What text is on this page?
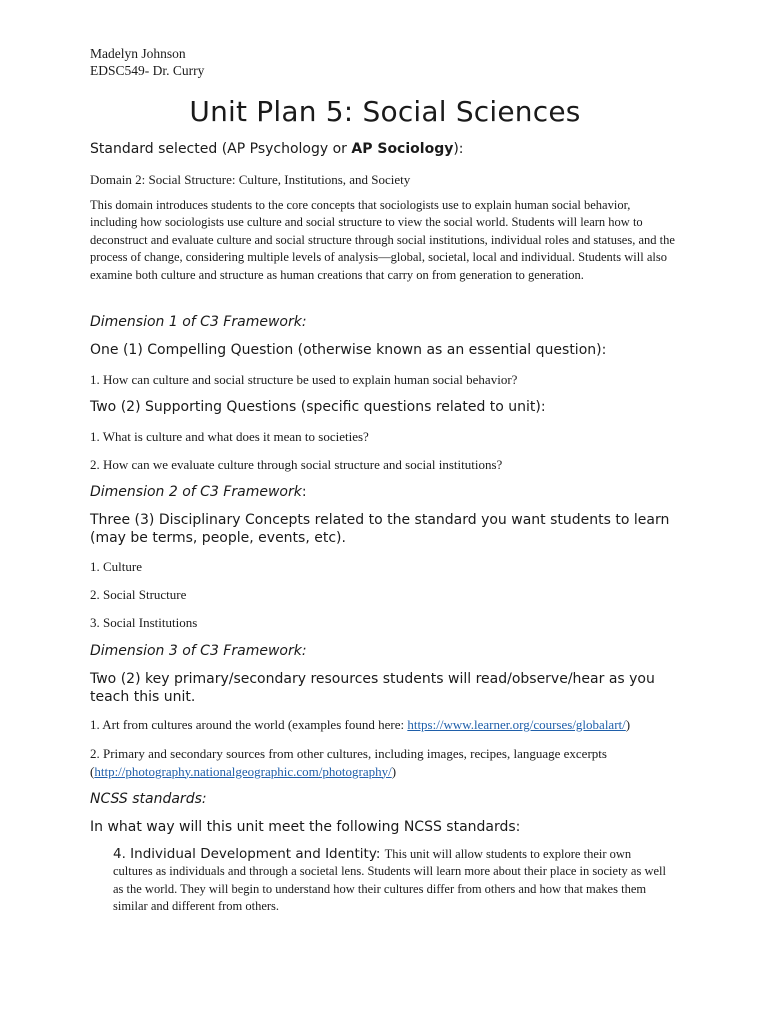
Madelyn Johnson

EDSC549- Dr. Curry

Unit Plan 5: Social Sciences

Standard selected (AP Psychology or AP Sociology):

Domain 2: Social Structure: Culture, Institutions, and Society

This domain introduces students to the core concepts that sociologists use to explain human social behavior, including how sociologists use culture and social structure to view the social world. Students will learn how to deconstruct and evaluate culture and social structure through social institutions, individual roles and statuses, and the process of change, considering multiple levels of analysis—global, societal, local and individual. Students will also examine both culture and structure as human creations that carry on from generation to generation.

Dimension 1 of C3 Framework:

One (1) Compelling Question (otherwise known as an essential question):

1. How can culture and social structure be used to explain human social behavior?

Two (2) Supporting Questions (specific questions related to unit):

1. What is culture and what does it mean to societies?

2. How can we evaluate culture through social structure and social institutions?

Dimension 2 of C3 Framework:

Three (3) Disciplinary Concepts related to the standard you want students to learn (may be terms, people, events, etc).

1. Culture

2. Social Structure

3. Social Institutions

Dimension 3 of C3 Framework:

Two (2) key primary/secondary resources students will read/observe/hear as you teach this unit.

1. Art from cultures around the world (examples found here: https://www.learner.org/courses/globalart/)

2. Primary and secondary sources from other cultures, including images, recipes, language excerpts (http://photography.nationalgeographic.com/photography/)

NCSS standards:

In what way will this unit meet the following NCSS standards:

4. Individual Development and Identity: This unit will allow students to explore their own cultures as individuals and through a societal lens. Students will learn more about their place in society as well as the world. They will begin to understand how their cultures differ from others and how that makes them similar and different from others.
